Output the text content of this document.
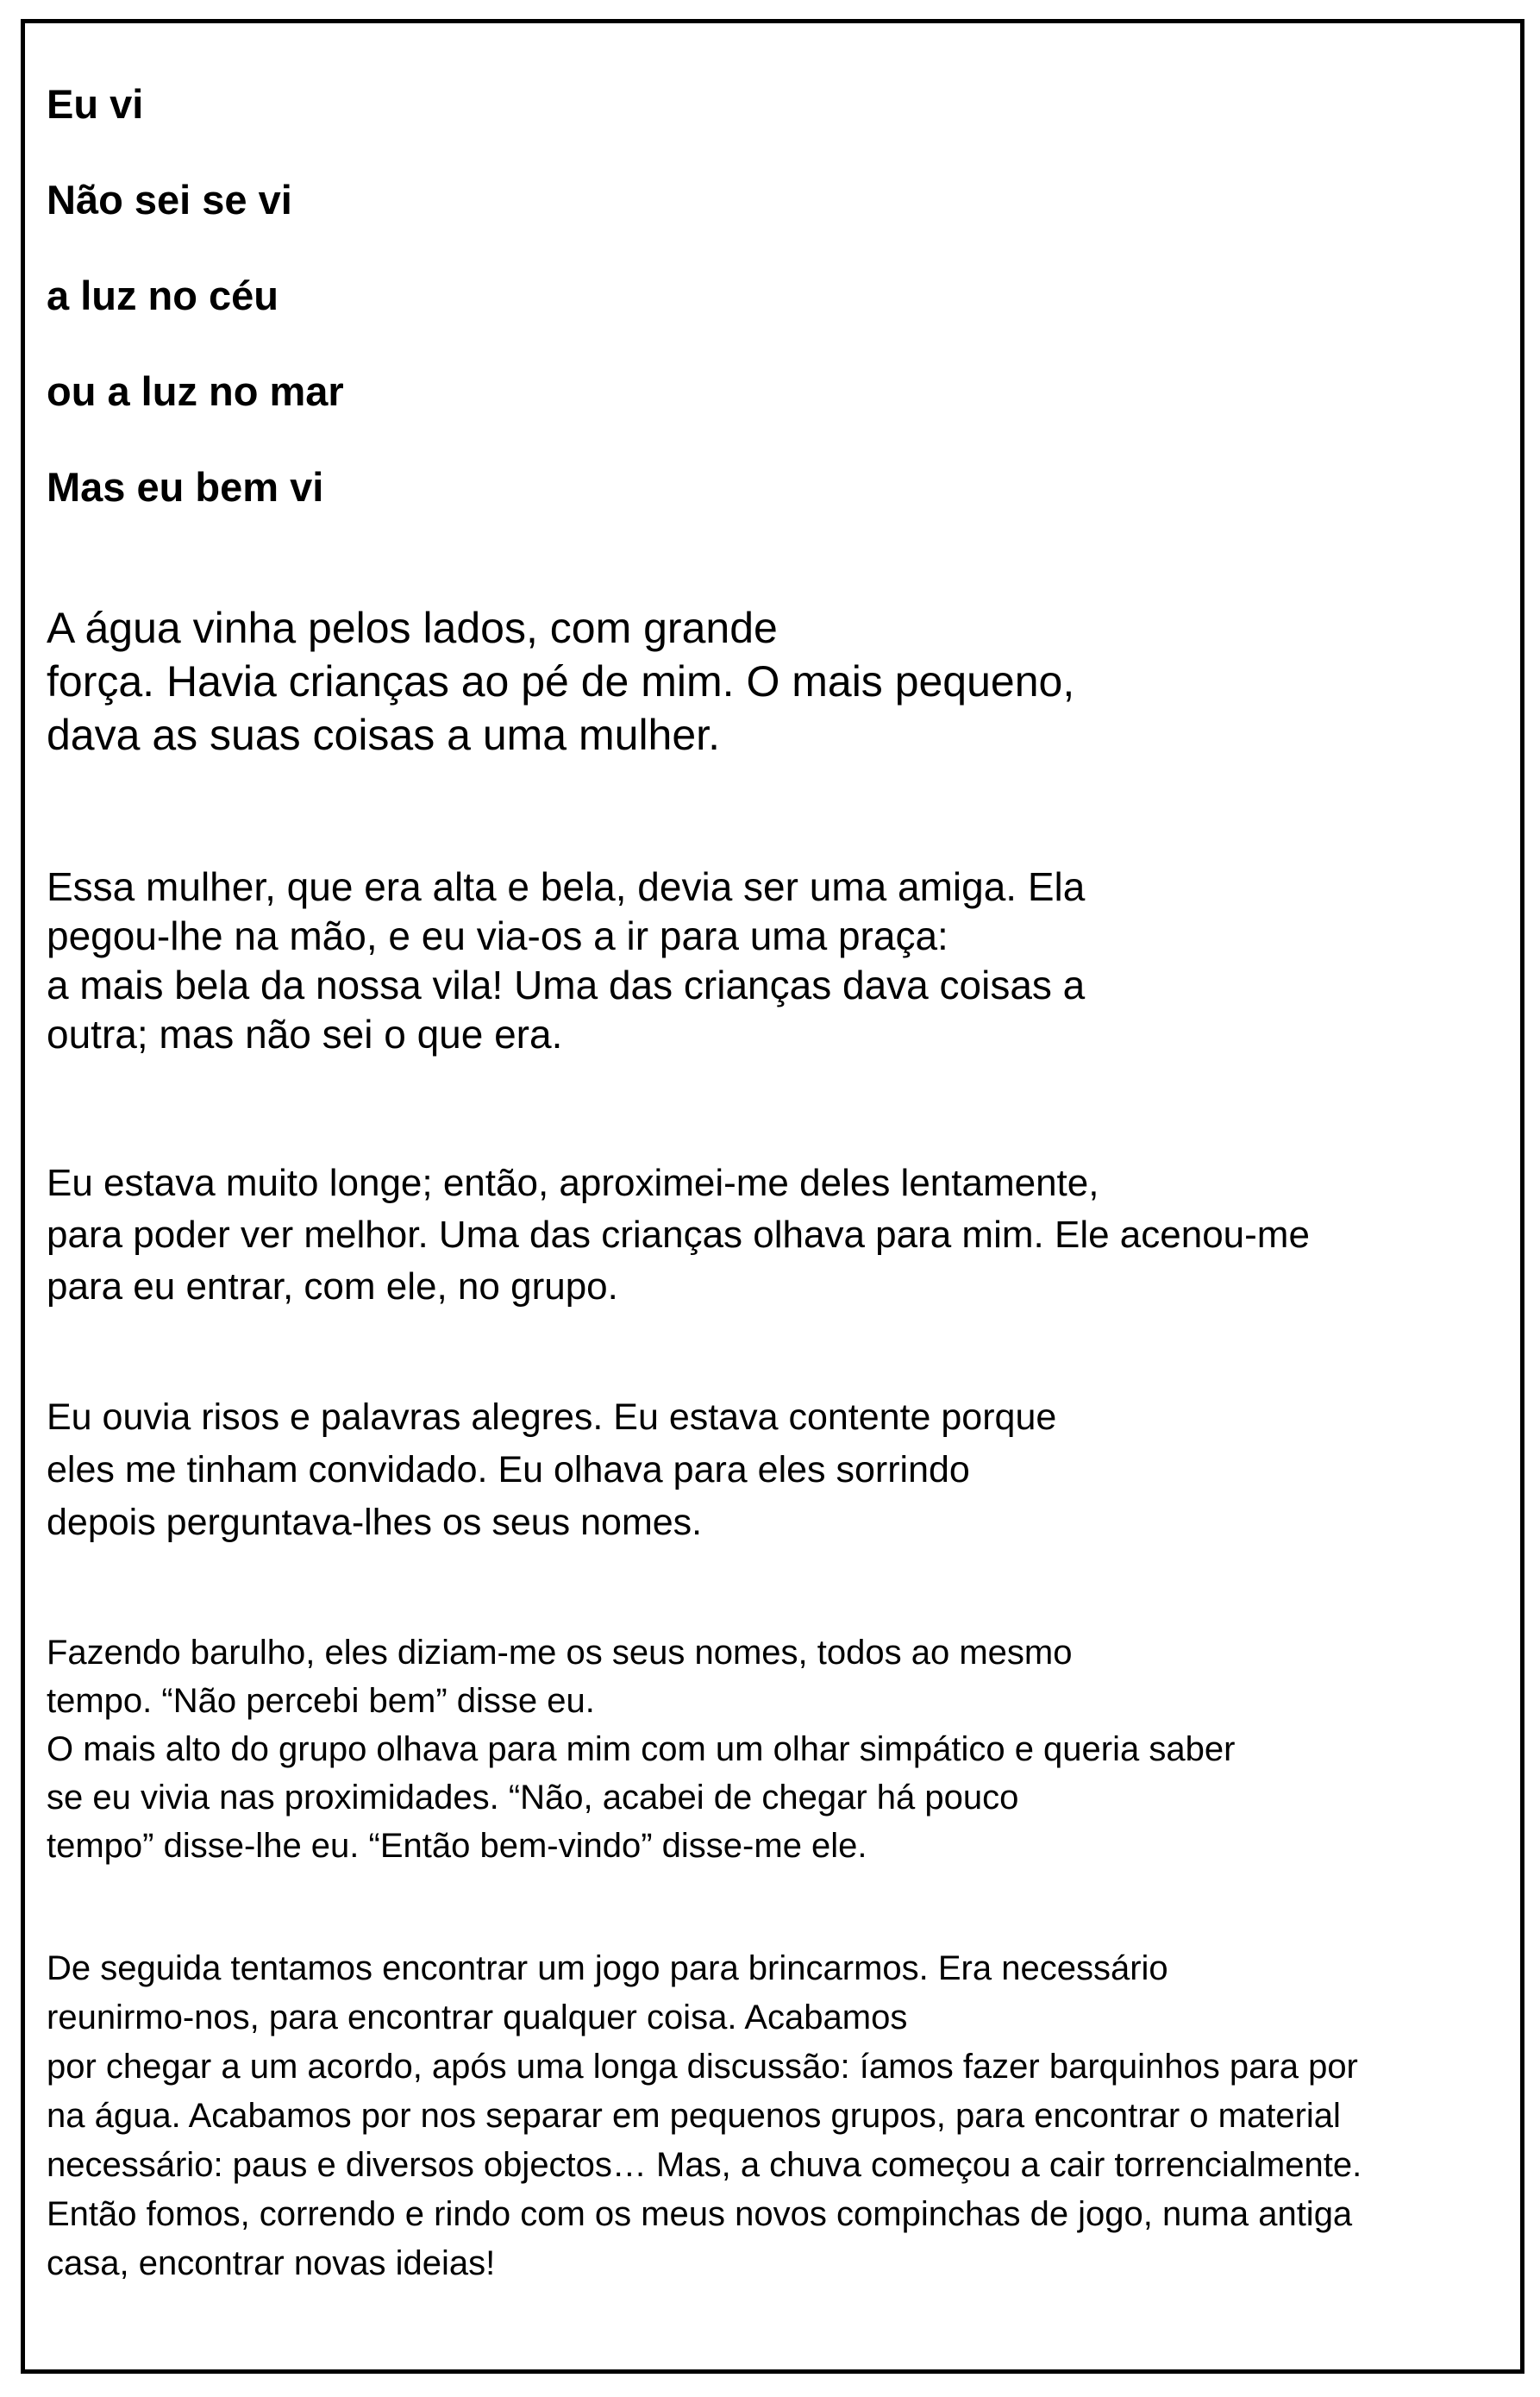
Eu vi
Não sei se vi
a luz no céu
ou a luz no mar
Mas eu bem vi
A água vinha pelos lados, com grande
força. Havia crianças ao pé de mim. O mais pequeno,
dava as suas coisas a uma mulher.
Essa mulher, que era alta e bela, devia ser uma amiga. Ela
pegou-lhe na mão, e eu via-os a ir para uma praça:
a mais bela da nossa vila! Uma das crianças dava coisas a
outra; mas não sei o que era.
Eu estava muito longe; então, aproximei-me deles lentamente,
para poder ver melhor. Uma das crianças olhava para mim. Ele acenou-me
para eu entrar, com ele, no grupo.
Eu ouvia risos e palavras alegres. Eu estava contente porque
eles me tinham convidado. Eu olhava para eles sorrindo
depois perguntava-lhes os seus nomes.
Fazendo barulho, eles diziam-me os seus nomes, todos ao mesmo
tempo. “Não percebi bem” disse eu.
O mais alto do grupo olhava para mim com um olhar simpático e queria saber
se eu vivia nas proximidades. “Não, acabei de chegar há pouco
tempo” disse-lhe eu. “Então bem-vindo” disse-me ele.
De seguida tentamos encontrar um jogo para brincarmos. Era necessário
reunirmo-nos, para encontrar qualquer coisa. Acabamos
por chegar a um acordo, após uma longa discussão: íamos fazer barquinhos para por
na água. Acabamos por nos separar em pequenos grupos, para encontrar o material
necessário: paus e diversos objectos… Mas, a chuva começou a cair torrencialmente.
Então fomos, correndo e rindo com os meus novos compinchas de jogo, numa antiga
casa, encontrar novas ideias!
